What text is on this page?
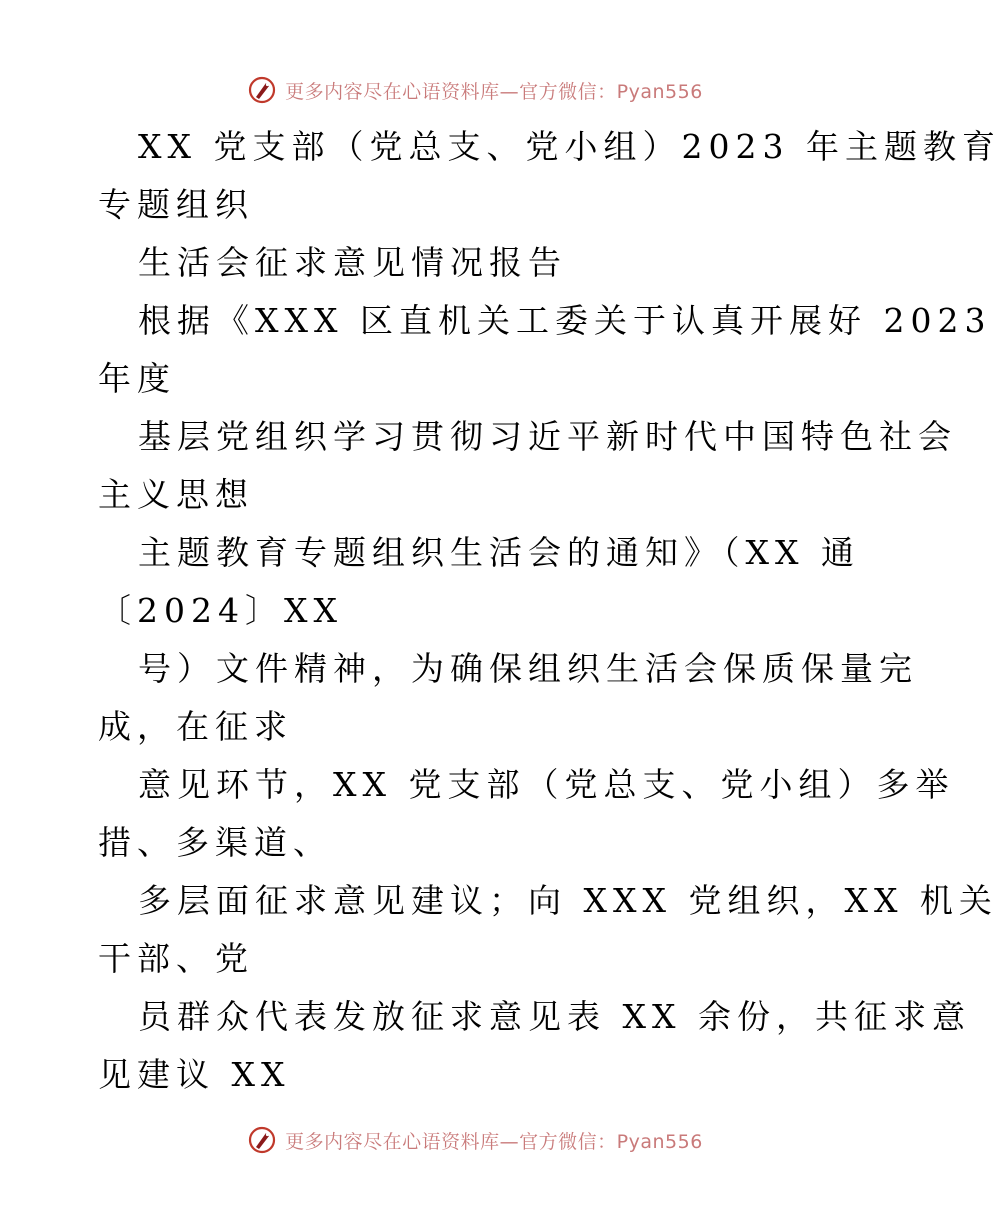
更多内容尽在心语资料库—官方微信：Pyan556
XX 党支部（党总支、党小组）2023 年主题教育
专题组织
生活会征求意见情况报告
根据《XXX 区直机关工委关于认真开展好 2023
年度
基层党组织学习贯彻习近平新时代中国特色社会
主义思想
主题教育专题组织生活会的通知》（XX 通
〔2024〕XX
号）文件精神，为确保组织生活会保质保量完
成，在征求
意见环节，XX 党支部（党总支、党小组）多举
措、多渠道、
多层面征求意见建议；向 XXX 党组织，XX 机关
干部、党
员群众代表发放征求意见表 XX 余份，共征求意
见建议 XX
更多内容尽在心语资料库—官方微信：Pyan556
